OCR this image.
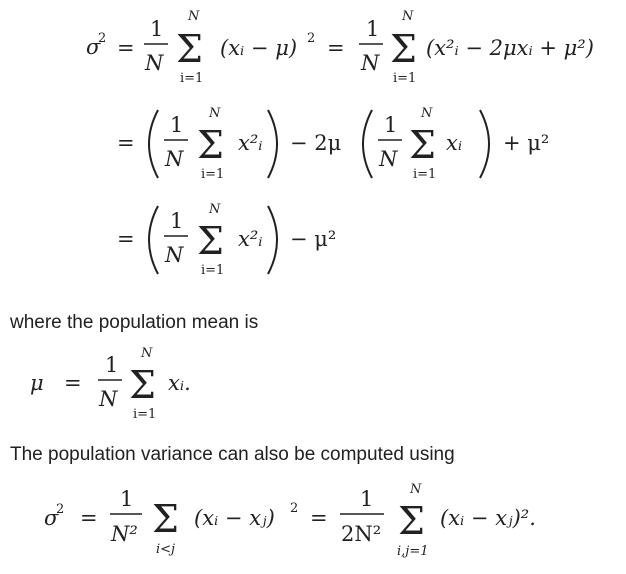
σ
2 =
1
N
N
Σ
i=1
(xᵢ − μ) 2 =
1
N
N
Σ
i=1
(x²ᵢ − 2μxᵢ + μ²)
=
1
N
N
Σ
i=1
x²ᵢ − 2μ
1
N
N
Σ
i=1
xᵢ + μ²
=
1
N
N
Σ
i=1
x²ᵢ − μ²
where the population mean is
μ =
1
N
N
Σ
i=1
xᵢ.
The population variance can also be computed using
σ
2 =
1
N² Σ
i<j
(xᵢ − xⱼ) 2 =
1
2N²
N
Σ
i,j=1
(xᵢ − xⱼ)².
